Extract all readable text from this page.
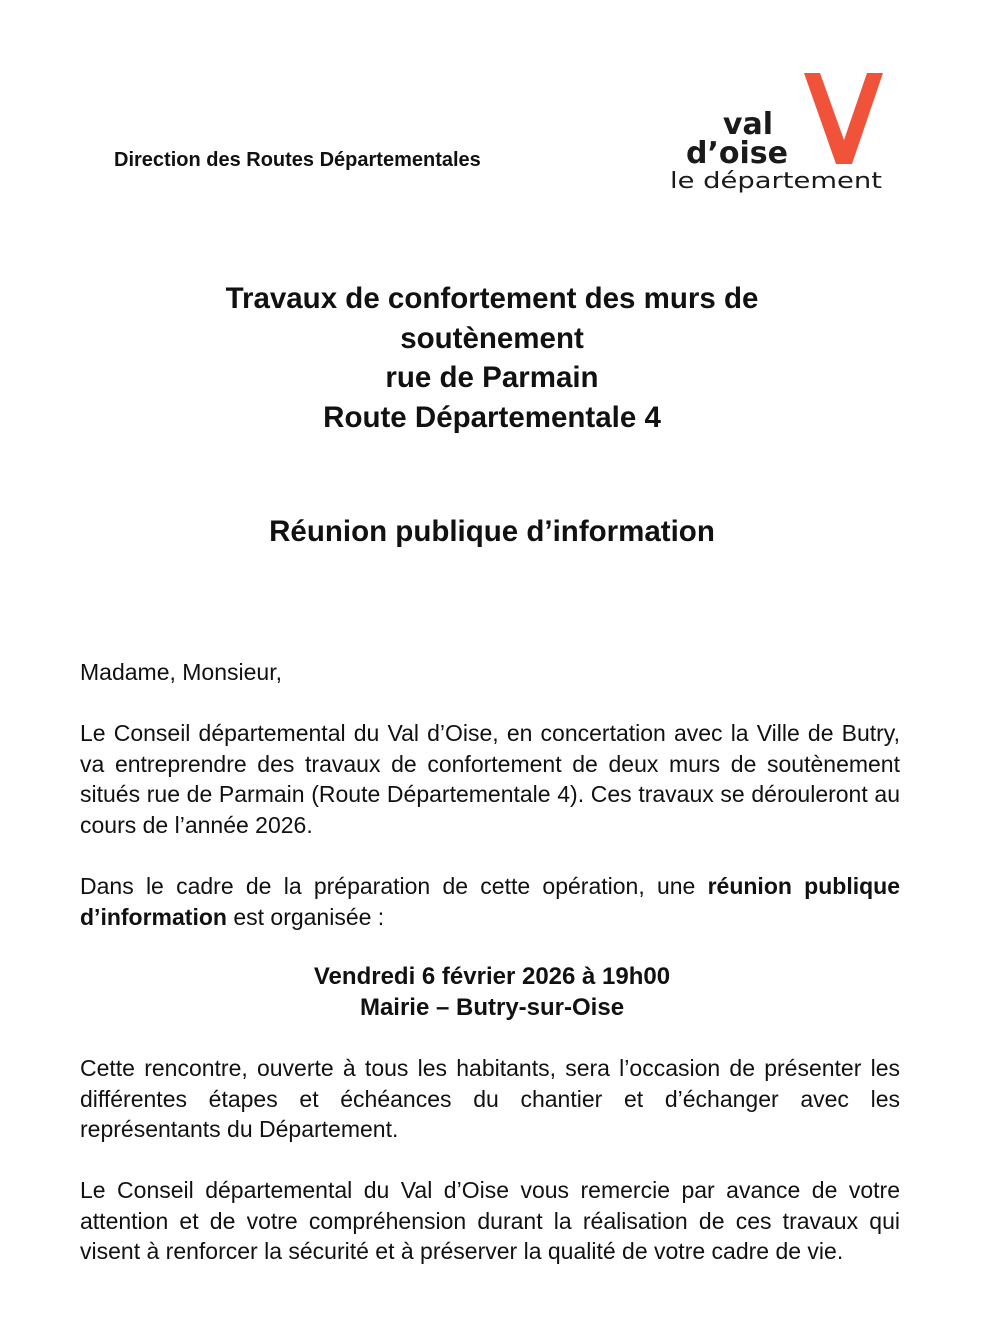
Direction des Routes Départementales
val
d’oise
le département
Travaux de confortement des murs de
soutènement
rue de Parmain
Route Départementale 4
Réunion publique d’information
Madame, Monsieur,

Le Conseil départemental du Val d’Oise, en concertation avec la Ville de Butry, va entreprendre des travaux de confortement de deux murs de soutènement situés rue de Parmain (Route Départementale 4). Ces travaux se dérouleront au cours de l’année 2026.

Dans le cadre de la préparation de cette opération, une réunion publique d’information est organisée :

Vendredi 6 février 2026 à 19h00
Mairie – Butry-sur-Oise

Cette rencontre, ouverte à tous les habitants, sera l’occasion de présenter les différentes étapes et échéances du chantier et d’échanger avec les représentants du Département.

Le Conseil départemental du Val d’Oise vous remercie par avance de votre attention et de votre compréhension durant la réalisation de ces travaux qui visent à renforcer la sécurité et à préserver la qualité de votre cadre de vie.
